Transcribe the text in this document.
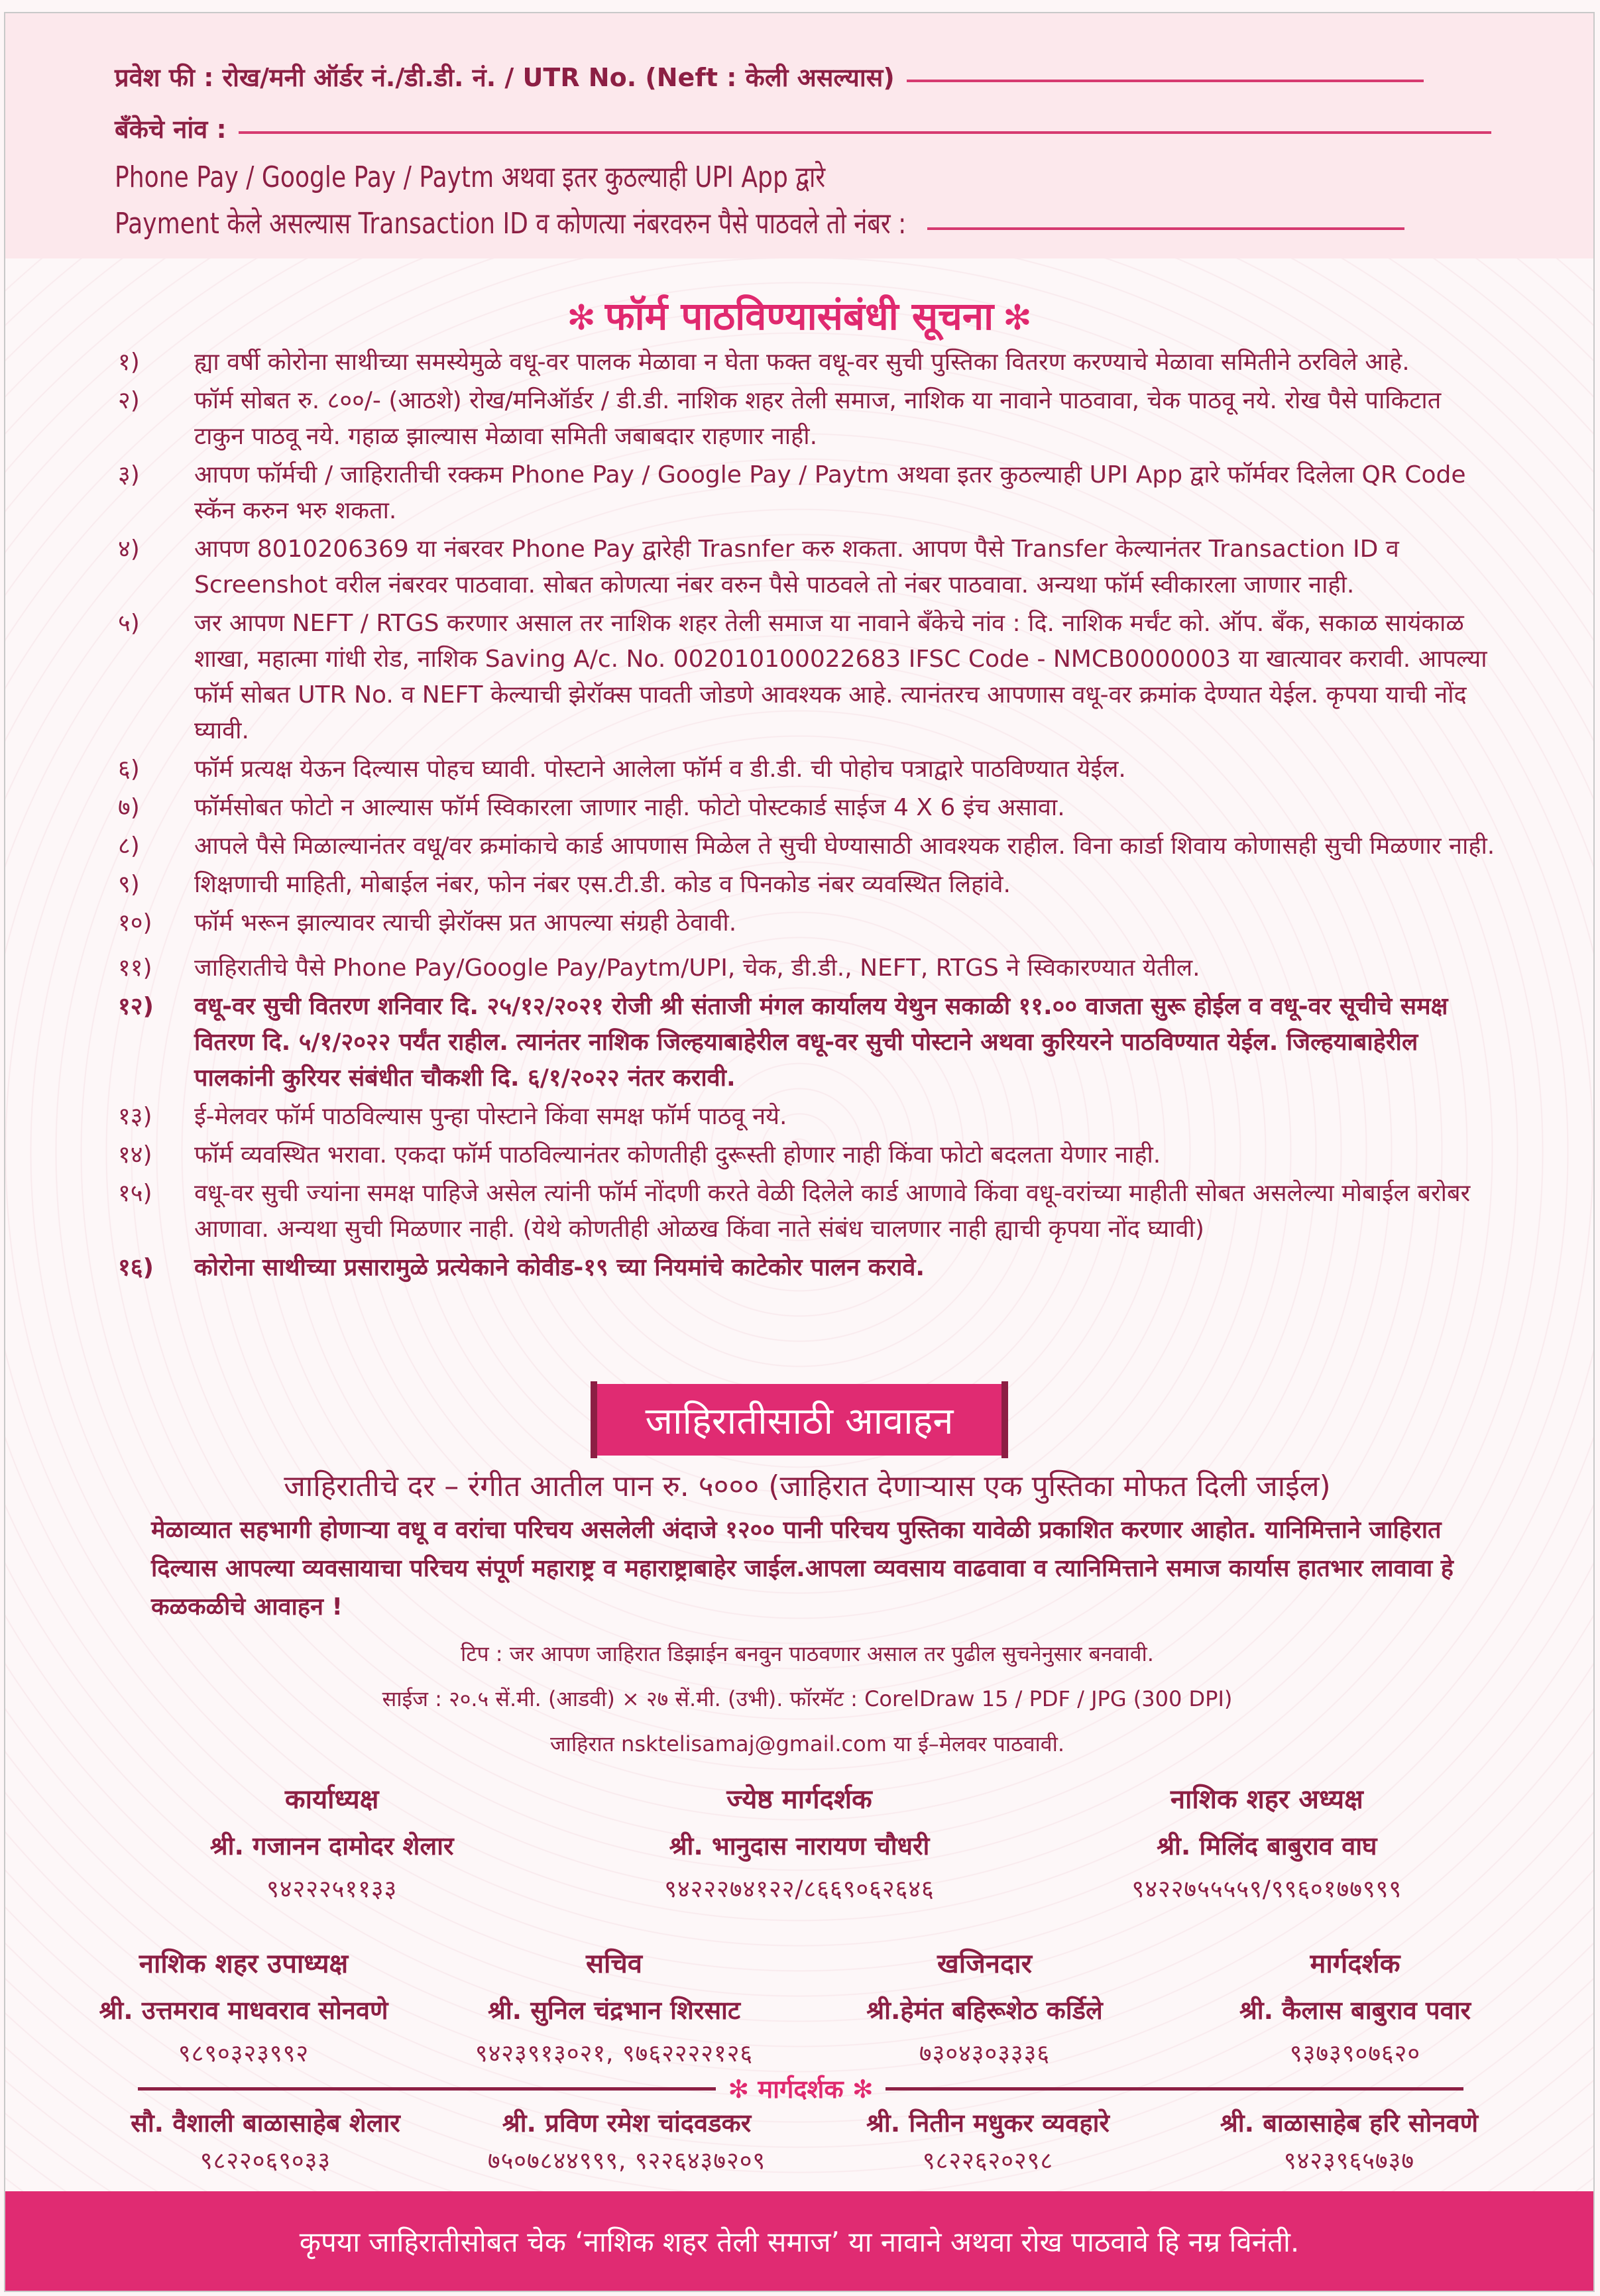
प्रवेश फी : रोख/मनी ऑर्डर नं./डी.डी. नं. / UTR No. (Neft : केली असल्यास)
बँकेचे नांव :
Phone Pay / Google Pay / Paytm अथवा इतर कुठल्याही UPI App द्वारे
Payment केले असल्यास Transaction ID व कोणत्या नंबरवरुन पैसे पाठवले तो नंबर :
✻ फॉर्म पाठविण्यासंबंधी सूचना ✻
१)	ह्या वर्षी कोरोना साथीच्या समस्येमुळे वधू-वर पालक मेळावा न घेता फक्त वधू-वर सुची पुस्तिका वितरण करण्याचे मेळावा समितीने ठरविले आहे.
२)	फॉर्म सोबत रु. ८००/- (आठशे) रोख/मनिऑर्डर / डी.डी. नाशिक शहर तेली समाज, नाशिक या नावाने पाठवावा, चेक पाठवू नये. रोख पैसे पाकिटात टाकुन पाठवू नये. गहाळ झाल्यास मेळावा समिती जबाबदार राहणार नाही.
३)	आपण फॉर्मची / जाहिरातीची रक्कम Phone Pay / Google Pay / Paytm अथवा इतर कुठल्याही UPI App द्वारे फॉर्मवर दिलेला QR Code स्कॅन करुन भरु शकता.
४)	आपण 8010206369 या नंबरवर Phone Pay द्वारेही Trasnfer करु शकता. आपण पैसे Transfer केल्यानंतर Transaction ID व Screenshot वरील नंबरवर पाठवावा. सोबत कोणत्या नंबर वरुन पैसे पाठवले तो नंबर पाठवावा. अन्यथा फॉर्म स्वीकारला जाणार नाही.
५)	जर आपण NEFT / RTGS करणार असाल तर नाशिक शहर तेली समाज या नावाने बँकेचे नांव : दि. नाशिक मर्चंट को. ऑप. बँक, सकाळ सायंकाळ शाखा, महात्मा गांधी रोड, नाशिक Saving A/c. No. 002010100022683 IFSC Code - NMCB0000003 या खात्यावर करावी. आपल्या फॉर्म सोबत UTR No. व NEFT केल्याची झेरॉक्स पावती जोडणे आवश्यक आहे. त्यानंतरच आपणास वधू-वर क्रमांक देण्यात येईल. कृपया याची नोंद घ्यावी.
६)	फॉर्म प्रत्यक्ष येऊन दिल्यास पोहच घ्यावी. पोस्टाने आलेला फॉर्म व डी.डी. ची पोहोच पत्राद्वारे पाठविण्यात येईल.
७)	फॉर्मसोबत फोटो न आल्यास फॉर्म स्विकारला जाणार नाही. फोटो पोस्टकार्ड साईज 4 X 6 इंच असावा.
८)	आपले पैसे मिळाल्यानंतर वधू/वर क्रमांकाचे कार्ड आपणास मिळेल ते सुची घेण्यासाठी आवश्यक राहील. विना कार्डा शिवाय कोणासही सुची मिळणार नाही.
९)	शिक्षणाची माहिती, मोबाईल नंबर, फोन नंबर एस.टी.डी. कोड व पिनकोड नंबर व्यवस्थित लिहांवे.
१०)	फॉर्म भरून झाल्यावर त्याची झेरॉक्स प्रत आपल्या संग्रही ठेवावी.
११)	जाहिरातीचे पैसे Phone Pay/Google Pay/Paytm/UPI, चेक, डी.डी., NEFT, RTGS ने स्विकारण्यात येतील.
१२)	वधू-वर सुची वितरण शनिवार दि. २५/१२/२०२१ रोजी श्री संताजी मंगल कार्यालय येथुन सकाळी ११.०० वाजता सुरू होईल व वधू-वर सूचीचे समक्ष वितरण दि. ५/१/२०२२ पर्यंत राहील. त्यानंतर नाशिक जिल्हयाबाहेरील वधू-वर सुची पोस्टाने अथवा कुरियरने पाठविण्यात येईल. जिल्हयाबाहेरील पालकांनी कुरियर संबंधीत चौकशी दि. ६/१/२०२२ नंतर करावी.
१३)	ई-मेलवर फॉर्म पाठविल्यास पुन्हा पोस्टाने किंवा समक्ष फॉर्म पाठवू नये.
१४)	फॉर्म व्यवस्थित भरावा. एकदा फॉर्म पाठविल्यानंतर कोणतीही दुरूस्ती होणार नाही किंवा फोटो बदलता येणार नाही.
१५)	वधू-वर सुची ज्यांना समक्ष पाहिजे असेल त्यांनी फॉर्म नोंदणी करते वेळी दिलेले कार्ड आणावे किंवा वधू-वरांच्या माहीती सोबत असलेल्या मोबाईल बरोबर आणावा. अन्यथा सुची मिळणार नाही. (येथे कोणतीही ओळख किंवा नाते संबंध चालणार नाही ह्याची कृपया नोंद घ्यावी)
१६)	कोरोना साथीच्या प्रसारामुळे प्रत्येकाने कोवीड-१९ च्या नियमांचे काटेकोर पालन करावे.
जाहिरातीसाठी आवाहन
जाहिरातीचे दर – रंगीत आतील पान रु. ५००० (जाहिरात देणाऱ्यास एक पुस्तिका मोफत दिली जाईल)
मेळाव्यात सहभागी होणाऱ्या वधू व वरांचा परिचय असलेली अंदाजे १२०० पानी परिचय पुस्तिका यावेळी प्रकाशित करणार आहोत. यानिमित्ताने जाहिरात दिल्यास आपल्या व्यवसायाचा परिचय संपूर्ण महाराष्ट्र व महाराष्ट्राबाहेर जाईल.आपला व्यवसाय वाढवावा व त्यानिमित्ताने समाज कार्यास हातभार लावावा हे कळकळीचे आवाहन !
टिप : जर आपण जाहिरात डिझाईन बनवुन पाठवणार असाल तर पुढील सुचनेनुसार बनवावी.
साईज : २०.५ सें.मी. (आडवी) × २७ सें.मी. (उभी). फॉरमॅट : CorelDraw 15 / PDF / JPG (300 DPI)
जाहिरात nsktelisamaj@gmail.com या ई–मेलवर पाठवावी.
कार्याध्यक्ष
श्री. गजानन दामोदर शेलार
९४२२२५११३३
ज्येष्ठ मार्गदर्शक
श्री. भानुदास नारायण चौधरी
९४२२२७४१२२/८६६९०६२६४६
नाशिक शहर अध्यक्ष
श्री. मिलिंद बाबुराव वाघ
९४२२७५५५५९/९९६०१७७९९९
नाशिक शहर उपाध्यक्ष
श्री. उत्तमराव माधवराव सोनवणे
९८९०३२३९९२
सचिव
श्री. सुनिल चंद्रभान शिरसाट
९४२३९१३०२१, ९७६२२२२१२६
खजिनदार
श्री.हेमंत बहिरूशेठ कर्डिले
७३०४३०३३३६
मार्गदर्शक
श्री. कैलास बाबुराव पवार
९३७३९०७६२०
✻ मार्गदर्शक ✻
सौ. वैशाली बाळासाहेब शेलार
९८२२०६९०३३
श्री. प्रविण रमेश चांदवडकर
७५०७८४४९९९, ९२२६४३७२०९
श्री. नितीन मधुकर व्यवहारे
९८२२६२०२९८
श्री. बाळासाहेब हरि सोनवणे
९४२३९६५७३७
कृपया जाहिरातीसोबत चेक ‘नाशिक शहर तेली समाज’ या नावाने अथवा रोख पाठवावे हि नम्र विनंती.
